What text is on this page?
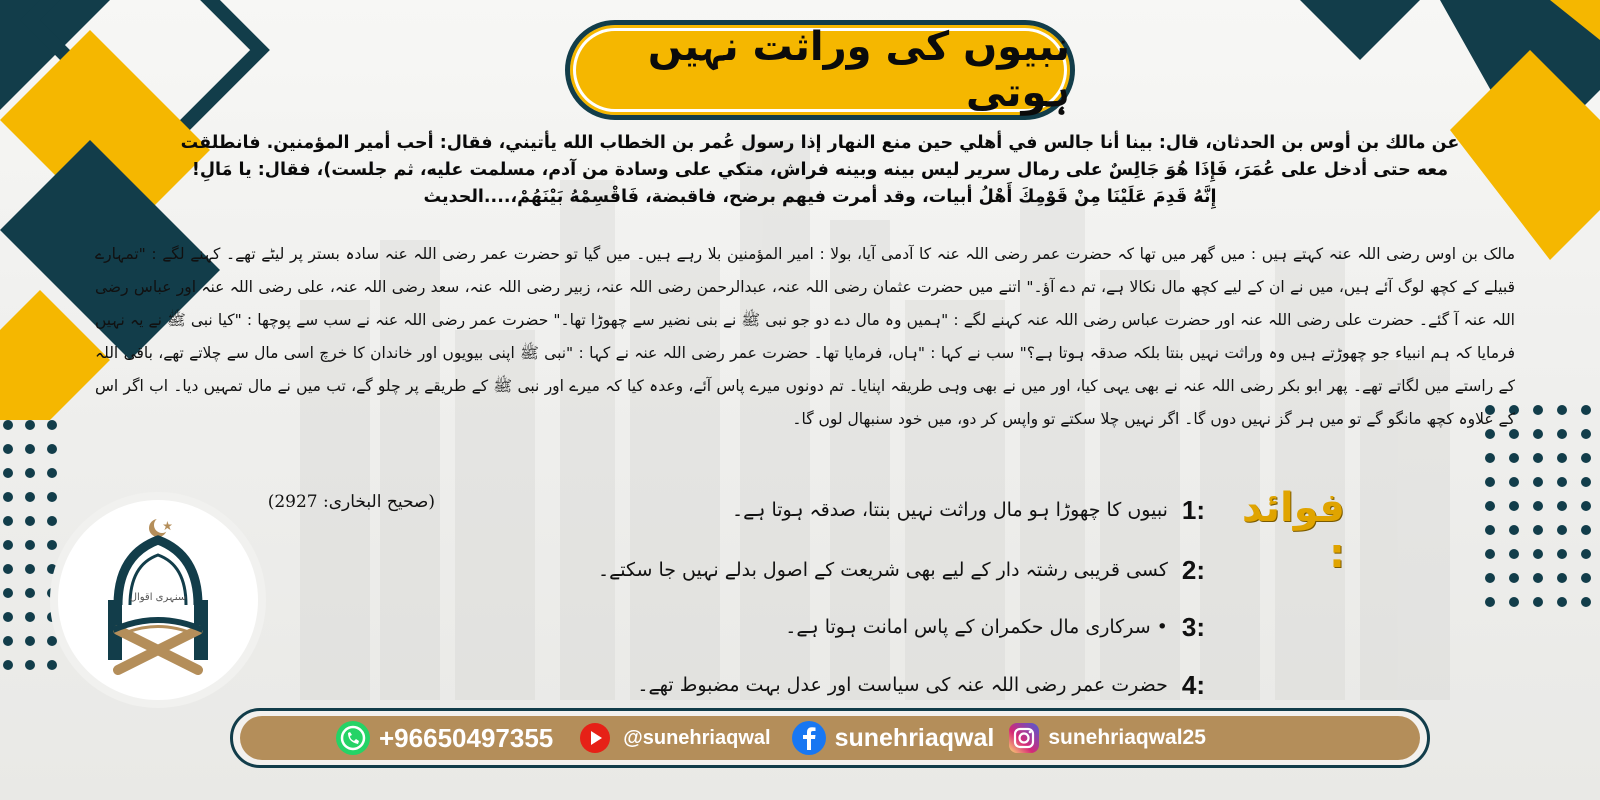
نبیوں کی وراثت نہیں ہوتی
عن مالك بن أوس بن الحدثان، قال: بينا أنا جالس في أهلي حين منع النهار إذا رسول عُمر بن الخطاب الله يأتيني، فقال: أحب أمير المؤمنين. فانطلقت معه حتى أدخل على عُمَرَ، فَإِذَا هُوَ جَالِسٌ على رمال سرير ليس بينه وبينه فراش، متكي على وسادة من آدم، مسلمت عليه، ثم جلست)، فقال: يا مَالِ! إِنَّهُ قَدِمَ عَلَيْنَا مِنْ قَوْمِكَ أَهْلُ أبيات، وقد أمرت فيهم برضح، فاقبضة، فَاقْسِمْهُ بَيْنَهُمْ،....الحديث
مالک بن اوس رضی اللہ عنہ کہتے ہیں : میں گھر میں تھا کہ حضرت عمر رضی اللہ عنہ کا آدمی آیا، بولا : امیر المؤمنین بلا رہے ہیں۔ میں گیا تو حضرت عمر رضی اللہ عنہ سادہ بستر پر لیٹے تھے۔ کہنے لگے : "تمہارے قبیلے کے کچھ لوگ آئے ہیں، میں نے ان کے لیے کچھ مال نکالا ہے، تم دے آؤ۔" اتنے میں حضرت عثمان رضی اللہ عنہ، عبدالرحمن رضی اللہ عنہ، زبیر رضی اللہ عنہ، سعد رضی اللہ عنہ، علی رضی اللہ عنہ اور عباس رضی اللہ عنہ آ گئے۔ حضرت علی رضی اللہ عنہ اور حضرت عباس رضی اللہ عنہ کہنے لگے : "ہمیں وہ مال دے دو جو نبی ﷺ نے بنی نضیر سے چھوڑا تھا۔" حضرت عمر رضی اللہ عنہ نے سب سے پوچھا : "کیا نبی ﷺ نے یہ نہیں فرمایا کہ ہم انبیاء جو چھوڑتے ہیں وہ وراثت نہیں بنتا بلکہ صدقہ ہوتا ہے؟" سب نے کہا : "ہاں، فرمایا تھا۔ حضرت عمر رضی اللہ عنہ نے کہا : "نبی ﷺ اپنی بیویوں اور خاندان کا خرچ اسی مال سے چلاتے تھے، باقی اللہ کے راستے میں لگاتے تھے۔ پھر ابو بکر رضی اللہ عنہ نے بھی یہی کیا، اور میں نے بھی وہی طریقہ اپنایا۔ تم دونوں میرے پاس آئے، وعدہ کیا کہ میرے اور نبی ﷺ کے طریقے پر چلو گے، تب میں نے مال تمہیں دیا۔ اب اگر اس کے علاوہ کچھ مانگو گے تو میں ہر گز نہیں دوں گا۔ اگر نہیں چلا سکتے تو واپس کر دو، میں خود سنبھال لوں گا۔
(صحیح البخاری: 2927)	فوائد :
1:
نبیوں کا چھوڑا ہو مال وراثت نہیں بنتا، صدقہ ہوتا ہے۔
2:
کسی قریبی رشتہ دار کے لیے بھی شریعت کے اصول بدلے نہیں جا سکتے۔
3:
• سرکاری مال حکمران کے پاس امانت ہوتا ہے۔
4:
حضرت عمر رضی اللہ عنہ کی سیاست اور عدل بہت مضبوط تھے۔
سنہری اقوال
+96650497355	@sunehriaqwal	sunehriaqwal	sunehriaqwal25
